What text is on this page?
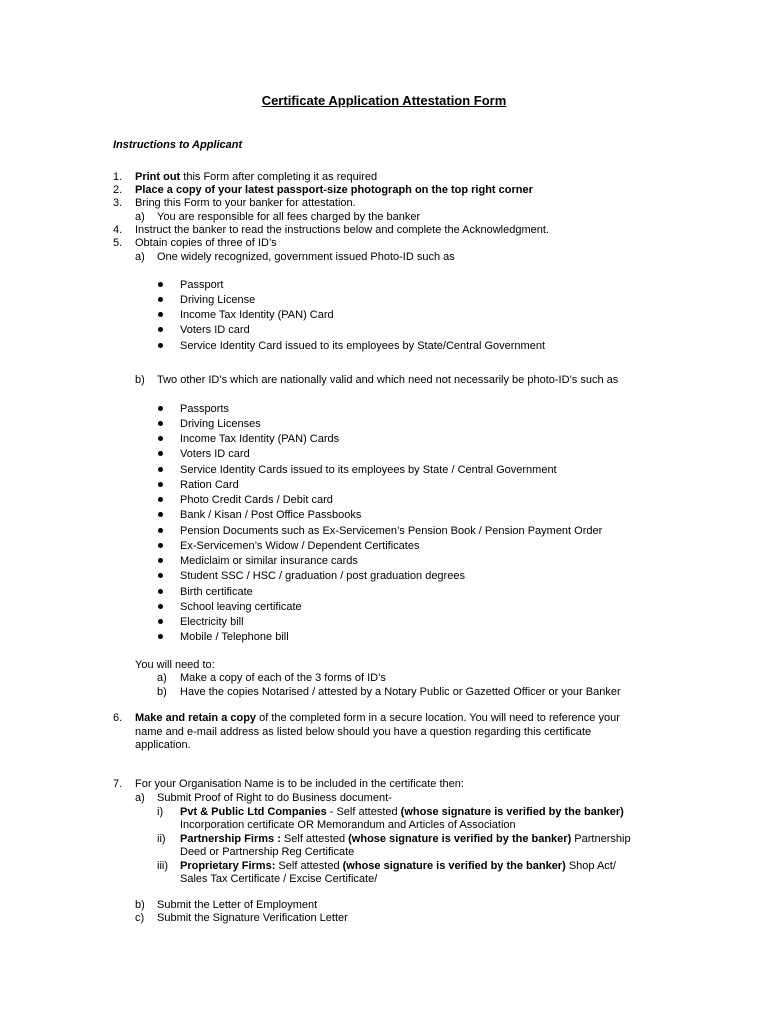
Certificate Application Attestation Form
Instructions to Applicant
1. Print out this Form after completing it as required
2. Place a copy of your latest passport-size photograph on the top right corner
3. Bring this Form to your banker for attestation.
a) You are responsible for all fees charged by the banker
4. Instruct the banker to read the instructions below and complete the Acknowledgment.
5. Obtain copies of three of ID’s
a) One widely recognized, government issued Photo-ID such as
Passport
Driving License
Income Tax Identity (PAN) Card
Voters ID card
Service Identity Card issued to its employees by State/Central Government
b) Two other ID’s which are nationally valid and which need not necessarily be photo-ID’s such as
Passports
Driving Licenses
Income Tax Identity (PAN) Cards
Voters ID card
Service Identity Cards issued to its employees by State / Central Government
Ration Card
Photo Credit Cards / Debit card
Bank / Kisan / Post Office Passbooks
Pension Documents such as Ex-Servicemen’s Pension Book / Pension Payment Order
Ex-Servicemen’s Widow / Dependent Certificates
Mediclaim or similar insurance cards
Student SSC / HSC / graduation / post graduation degrees
Birth certificate
School leaving certificate
Electricity bill
Mobile / Telephone bill
You will need to:
a) Make a copy of each of the 3 forms of ID’s
b) Have the copies Notarised / attested by a Notary Public or Gazetted Officer or your Banker
6. Make and retain a copy of the completed form in a secure location. You will need to reference your
name and e-mail address as listed below should you have a question regarding this certificate
application.
7. For your Organisation Name is to be included in the certificate then:
a) Submit Proof of Right to do Business document-
i) Pvt & Public Ltd Companies - Self attested (whose signature is verified by the banker)
Incorporation certificate OR Memorandum and Articles of Association
ii) Partnership Firms : Self attested (whose signature is verified by the banker) Partnership
Deed or Partnership Reg Certificate
iii) Proprietary Firms: Self attested (whose signature is verified by the banker) Shop Act/
Sales Tax Certificate / Excise Certificate/
b) Submit the Letter of Employment
c) Submit the Signature Verification Letter
